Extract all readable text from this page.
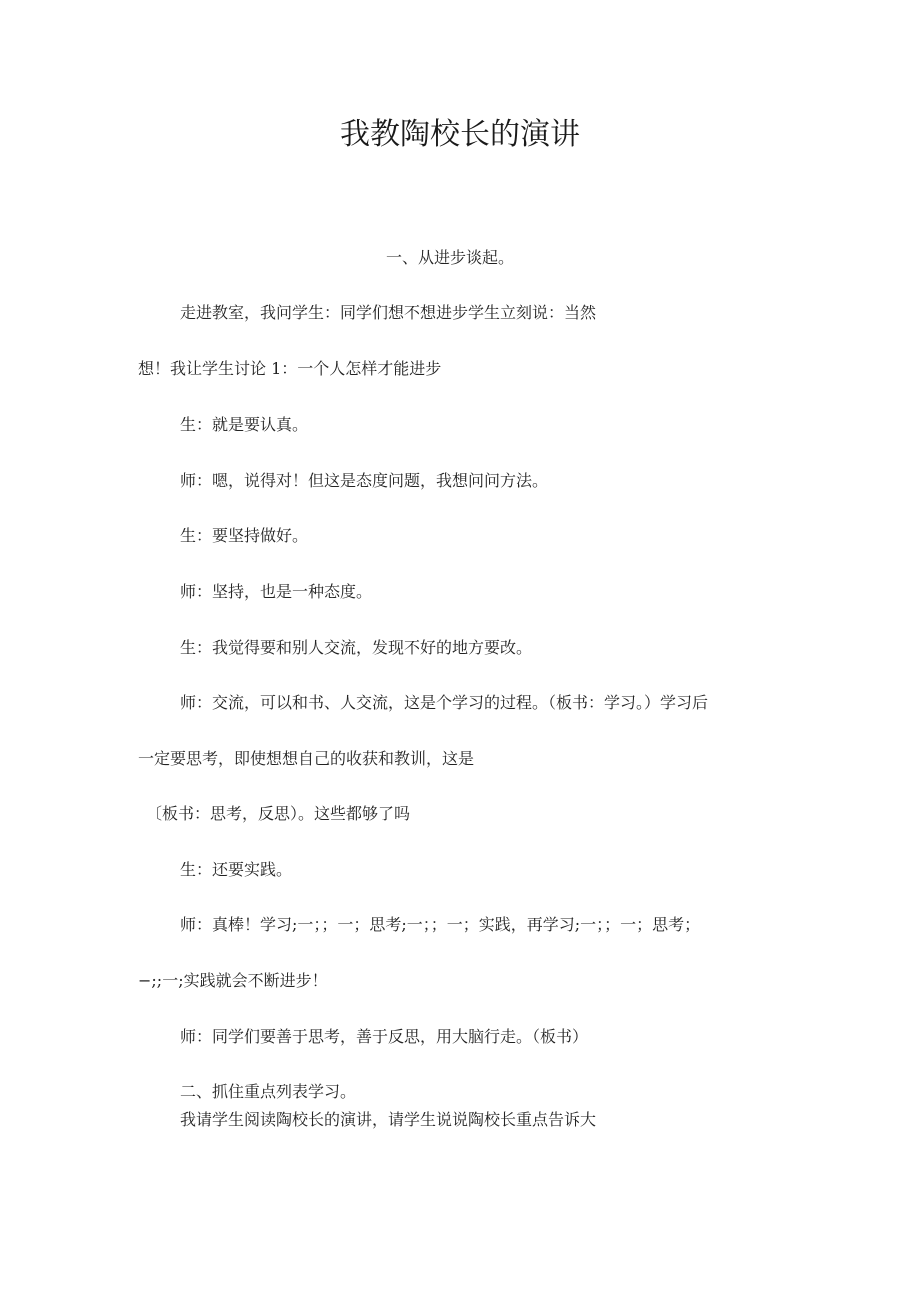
我教陶校长的演讲
一、从进步谈起。
走进教室，我问学生：同学们想不想进步学生立刻说：当然
想！我让学生讨论 1：一个人怎样才能进步
生：就是要认真。
师：嗯，说得对！但这是态度问题，我想问问方法。
生：要坚持做好。
师：坚持，也是一种态度。
生：我觉得要和别人交流，发现不好的地方要改。
师：交流，可以和书、人交流，这是个学习的过程。（板书：学习。）学习后
一定要思考，即使想想自己的收获和教训，这是
〔板书：思考，反思）。这些都够了吗
生：还要实践。
师：真棒！学习;一；；一；思考;一；；一；实践，再学习;一；；一；思考；
−;;一;实践就会不断进步！
师：同学们要善于思考，善于反思，用大脑行走。（板书）
二、抓住重点列表学习。
我请学生阅读陶校长的演讲，请学生说说陶校长重点告诉大
